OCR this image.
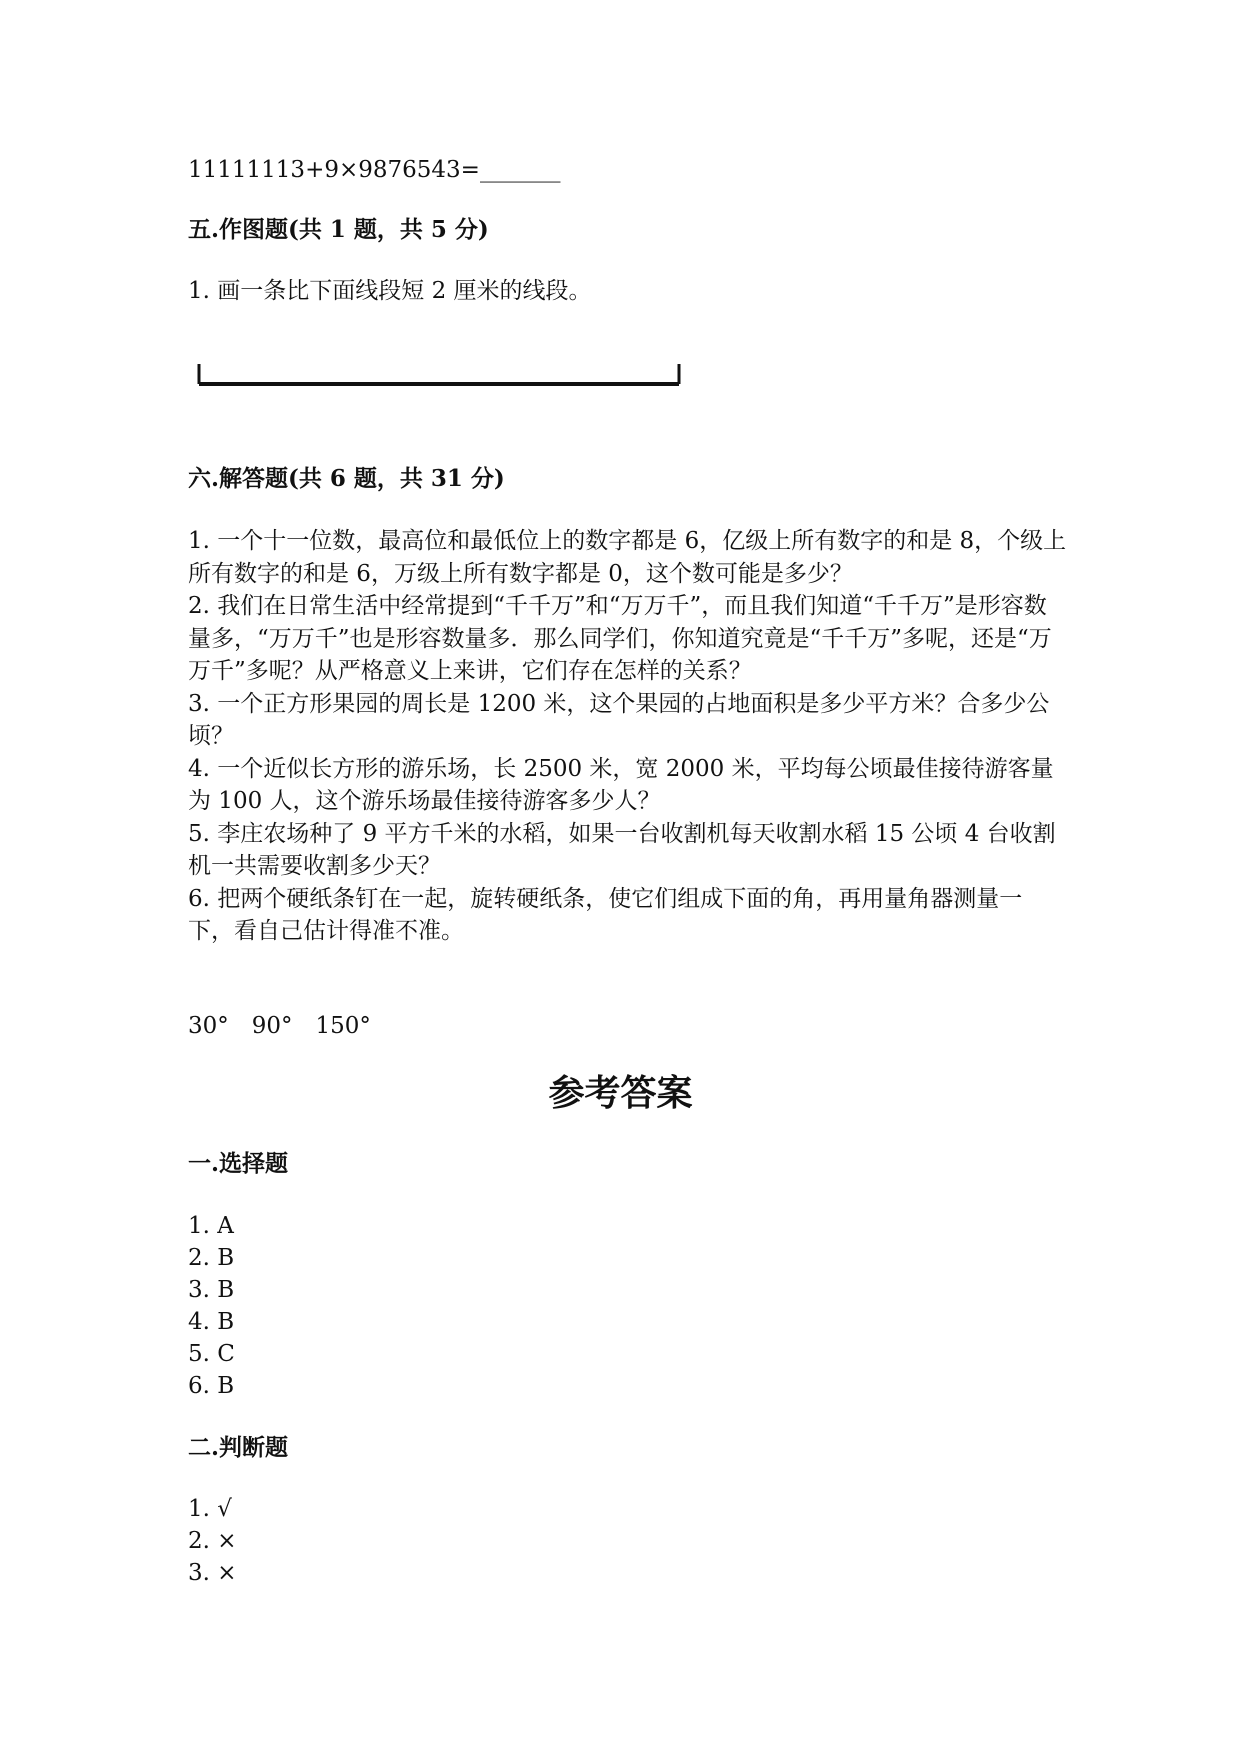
11111113+9×9876543=_______
五.作图题(共 1 题，共 5 分)
1. 画一条比下面线段短 2 厘米的线段。
六.解答题(共 6 题，共 31 分)

1. 一个十一位数，最高位和最低位上的数字都是 6，亿级上所有数字的和是 8，个级上所有数字的和是 6，万级上所有数字都是 0，这个数可能是多少？

2. 我们在日常生活中经常提到“千千万”和“万万千”，而且我们知道“千千万”是形容数量多，“万万千”也是形容数量多．那么同学们，你知道究竟是“千千万”多呢，还是“万万千”多呢？从严格意义上来讲，它们存在怎样的关系？

3. 一个正方形果园的周长是 1200 米，这个果园的占地面积是多少平方米？合多少公顷？

4. 一个近似长方形的游乐场，长 2500 米，宽 2000 米，平均每公顷最佳接待游客量为 100 人，这个游乐场最佳接待游客多少人？

5. 李庄农场种了 9 平方千米的水稻，如果一台收割机每天收割水稻 15 公顷 4 台收割机一共需要收割多少天？

6. 把两个硬纸条钉在一起，旋转硬纸条，使它们组成下面的角，再用量角器测量一下，看自己估计得准不准。

30°　90°　150°
参考答案
一.选择题
1. A
2. B
3. B
4. B
5. C
6. B
二.判断题
1. √
2. ×
3. ×
